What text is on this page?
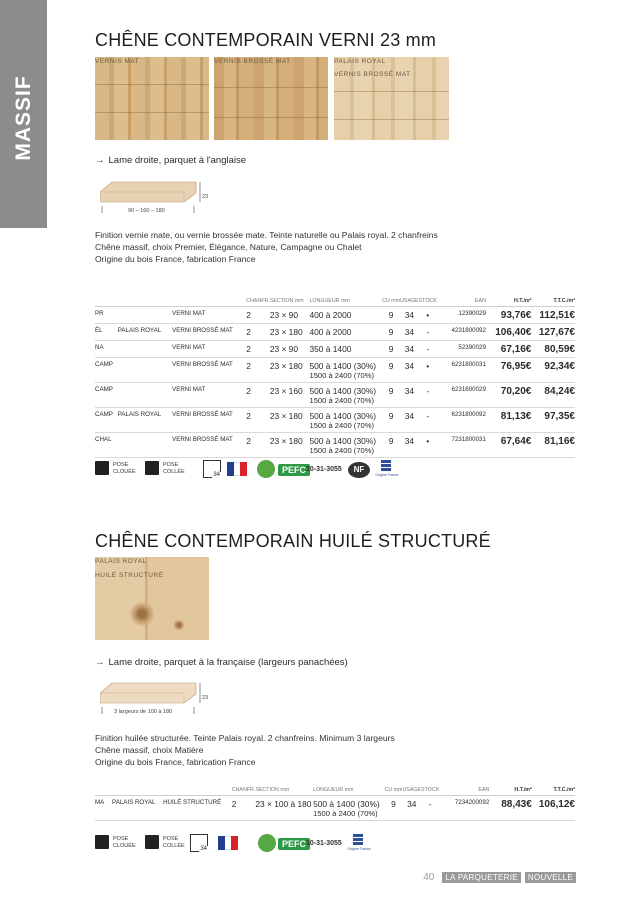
MASSIF
CHÊNE CONTEMPORAIN VERNI 23 mm
VERNIS MAT	VERNIS BROSSÉ MAT	PALAIS ROYAL
VERNIS BROSSÉ MAT
→ Lame droite, parquet à l'anglaise
23
90 – 160 – 180
Finition vernie mate, ou vernie brossée mate. Teinte naturelle ou Palais royal. 2 chanfreins
Chêne massif, choix Premier, Élégance, Nature, Campagne ou Chalet
Origine du bois France, fabrication France
			CHANFR.	SECTION mm	LONGUEUR mm	CU mm	USAGE	STOCK	EAN	H.T./m²	T.T.C./m²
PR		VERNI MAT	2	23 × 90	400 à 2000	9	34	•	12390029	93,76€	112,51€
ÉL	PALAIS ROYAL	VERNI BROSSÉ MAT	2	23 × 180	400 à 2000	9	34	-	4231800092	106,40€	127,67€
NA		VERNI MAT	2	23 × 90	350 à 1400	9	34	-	52390029	67,16€	80,59€
CAMP		VERNI BROSSÉ MAT	2	23 × 180	500 à 1400 (30%)
1500 à 2400 (70%)	9	34	•	6231800031	76,95€	92,34€
CAMP		VERNI MAT	2	23 × 160	500 à 1400 (30%)
1500 à 2400 (70%)	9	34	-	6231600029	70,20€	84,24€
CAMP	PALAIS ROYAL	VERNI BROSSÉ MAT	2	23 × 180	500 à 1400 (30%)
1500 à 2400 (70%)	9	34	-	6231800092	81,13€	97,35€
CHAL		VERNI BROSSÉ MAT	2	23 × 180	500 à 1400 (30%)
1500 à 2400 (70%)	9	34	•	7231800031	67,64€	81,16€
POSE
CLOUÉE
POSE
COLLÉE	34	PEFC 10-31-3055	NF
Origine France
CHÊNE CONTEMPORAIN HUILÉ STRUCTURÉ
PALAIS ROYAL
HUILÉ STRUCTURÉ
→ Lame droite, parquet à la française (largeurs panachées)
23
3 largeurs de 100 à 180
Finition huilée structurée. Teinte Palais royal. 2 chanfreins. Minimum 3 largeurs
Chêne massif, choix Matière
Origine du bois France, fabrication France
			CHANFR.	SECTION mm	LONGUEUR mm	CU mm	USAGE	STOCK	EAN	H.T./m²	T.T.C./m²
MA	PALAIS ROYAL	HUILÉ STRUCTURÉ	2	23 × 100 à 180	500 à 1400 (30%)
1500 à 2400 (70%)	9	34	-	7234200092	88,43€	106,12€
POSE
CLOUÉE
POSE
COLLÉE	34	PEFC 10-31-3055
Origine France
40	LA PARQUETERIE	NOUVELLE
